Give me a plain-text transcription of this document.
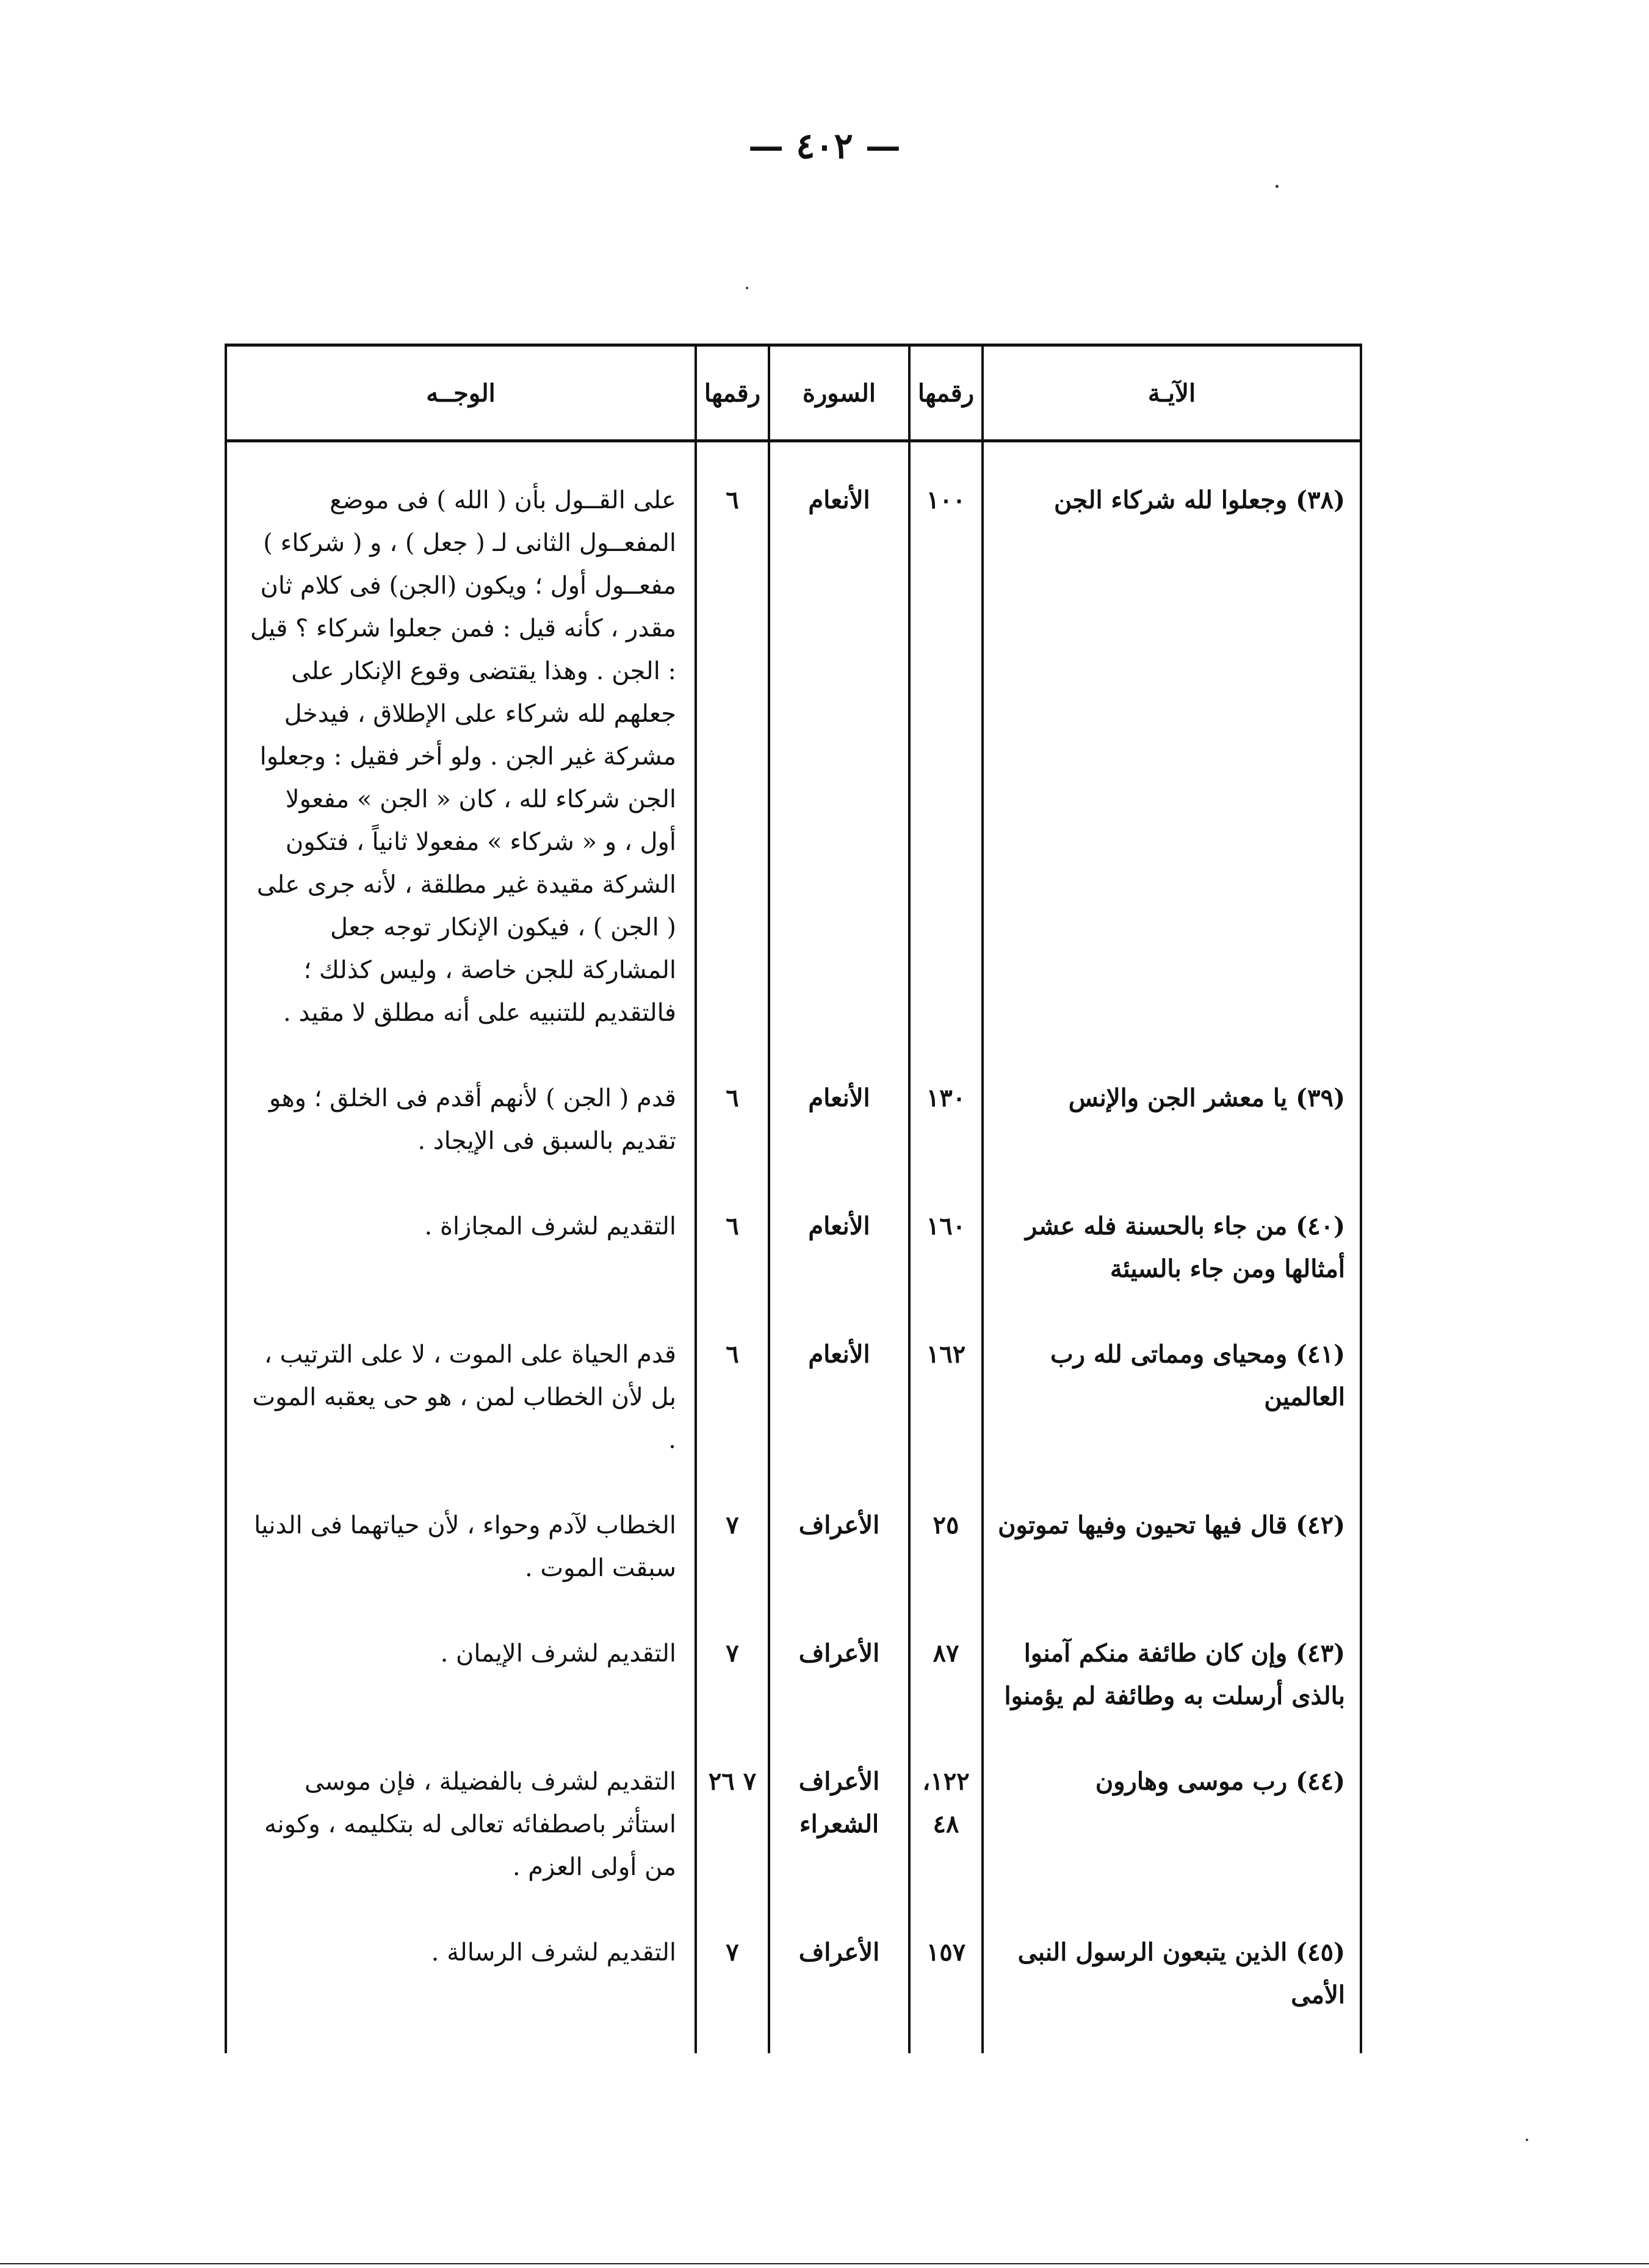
— ٤٠٢ —
الآيـة	رقمها	السورة	رقمها	الوجــه
(٣٨) وجعلوا لله شركاء الجن	١٠٠	الأنعام	٦	على القــول بأن ( الله ) فى موضع المفعــول الثانى لـ ( جعل ) ، و ( شركاء ) مفعــول أول ؛ ويكون (الجن) فى كلام ثان مقدر ، كأنه قيل : فمن جعلوا شركاء ؟ قيل : الجن . وهذا يقتضى وقوع الإنكار على جعلهم لله شركاء على الإطلاق ، فيدخل مشركة غير الجن . ولو أخر فقيل : وجعلوا الجن شركاء لله ، كان « الجن » مفعولا أول ، و « شركاء » مفعولا ثانياً ، فتكون الشركة مقيدة غير مطلقة ، لأنه جرى على ( الجن ) ، فيكون الإنكار توجه جعل المشاركة للجن خاصة ، وليس كذلك ؛ فالتقديم للتنبيه على أنه مطلق لا مقيد .
(٣٩) يا معشر الجن والإنس	١٣٠	الأنعام	٦	قدم ( الجن ) لأنهم أقدم فى الخلق ؛ وهو تقديم بالسبق فى الإيجاد .
(٤٠) من جاء بالحسنة فله عشر أمثالها ومن جاء بالسيئة	١٦٠	الأنعام	٦	التقديم لشرف المجازاة .
(٤١) ومحياى ومماتى لله رب العالمين	١٦٢	الأنعام	٦	قدم الحياة على الموت ، لا على الترتيب ، بل لأن الخطاب لمن ، هو حى يعقبه الموت .
(٤٢) قال فيها تحيون وفيها تموتون	٢٥	الأعراف	٧	الخطاب لآدم وحواء ، لأن حياتهما فى الدنيا سبقت الموت .
(٤٣) وإن كان طائفة منكم آمنوا بالذى أرسلت به وطائفة لم يؤمنوا	٨٧	الأعراف	٧	التقديم لشرف الإيمان .
(٤٤) رب موسى وهارون	١٢٢، ٤٨	الأعراف الشعراء	٧ ٢٦	التقديم لشرف بالفضيلة ، فإن موسى استأثر باصطفائه تعالى له بتكليمه ، وكونه من أولى العزم .
(٤٥) الذين يتبعون الرسول النبى الأمى	١٥٧	الأعراف	٧	التقديم لشرف الرسالة .
